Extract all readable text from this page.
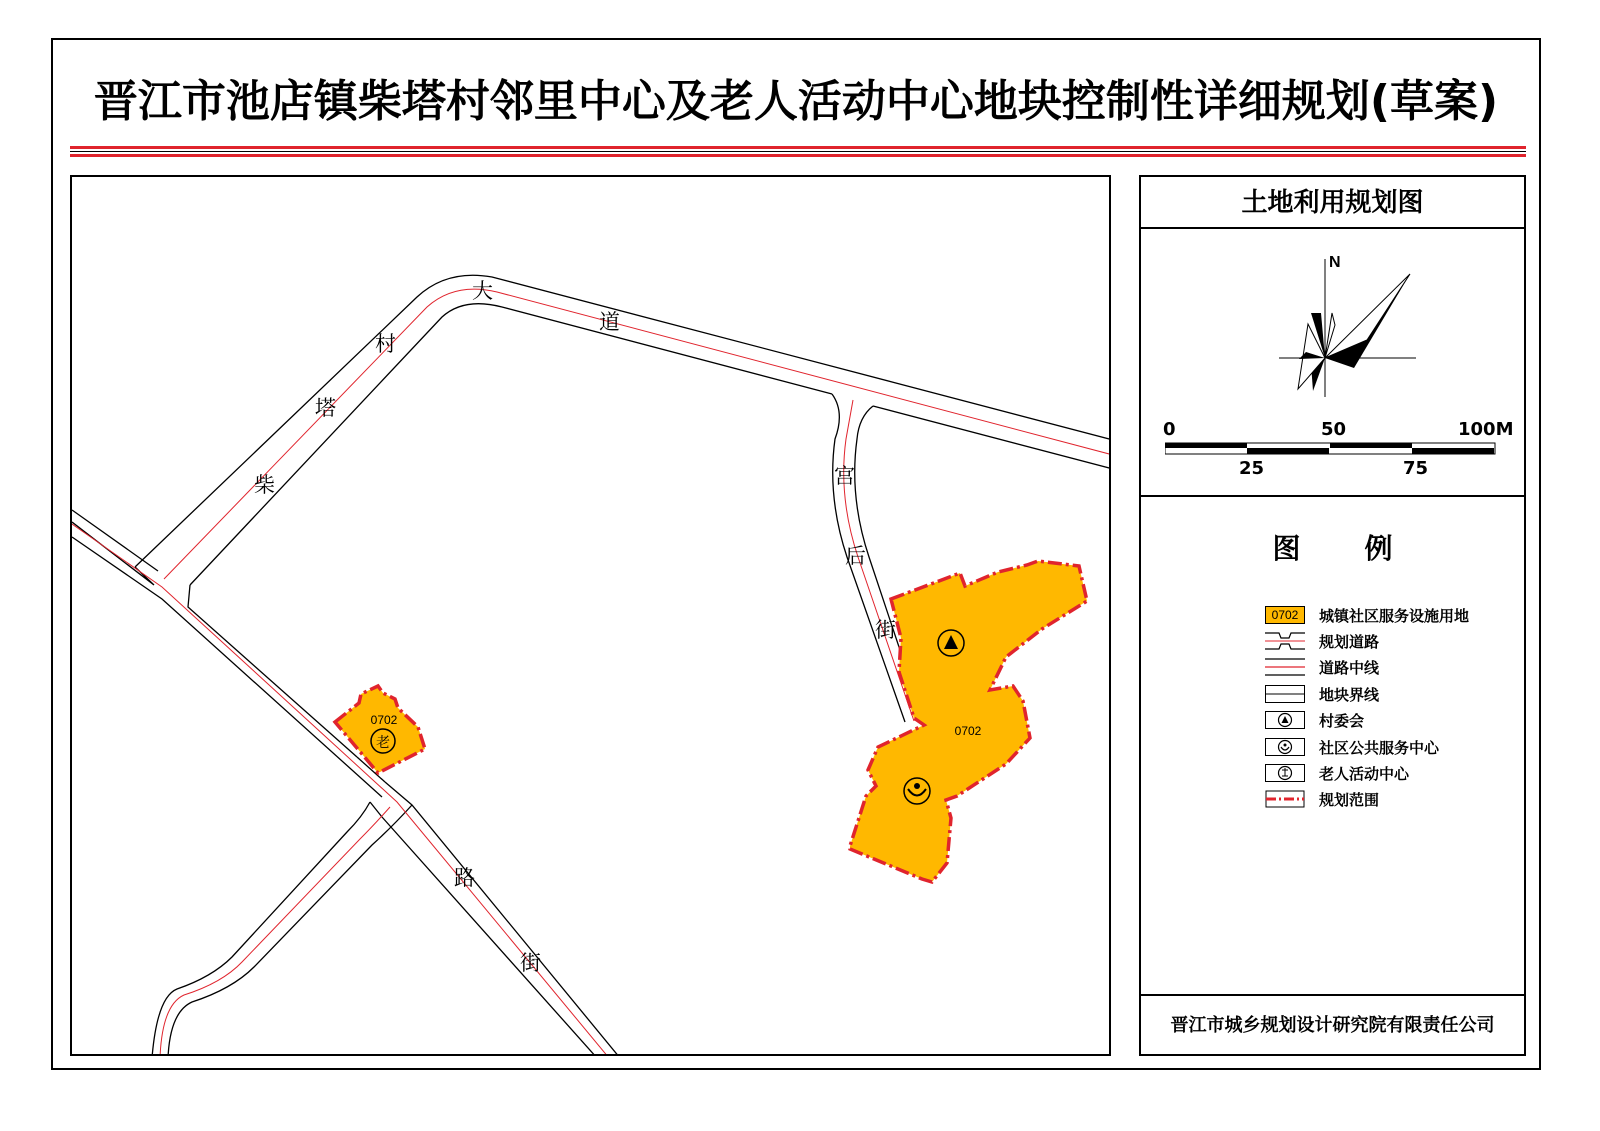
晋江市池店镇柴塔村邻里中心及老人活动中心地块控制性详细规划(草案)
柴
塔
村
大
道
宫
后
街
路
街
0702
老
0702
土地利用规划图
N
0	50	100M
25	75
图例
0702	城镇社区服务设施用地
规划道路
道路中线
地块界线
村委会
社区公共服务中心
老人活动中心
规划范围
晋江市城乡规划设计研究院有限责任公司
